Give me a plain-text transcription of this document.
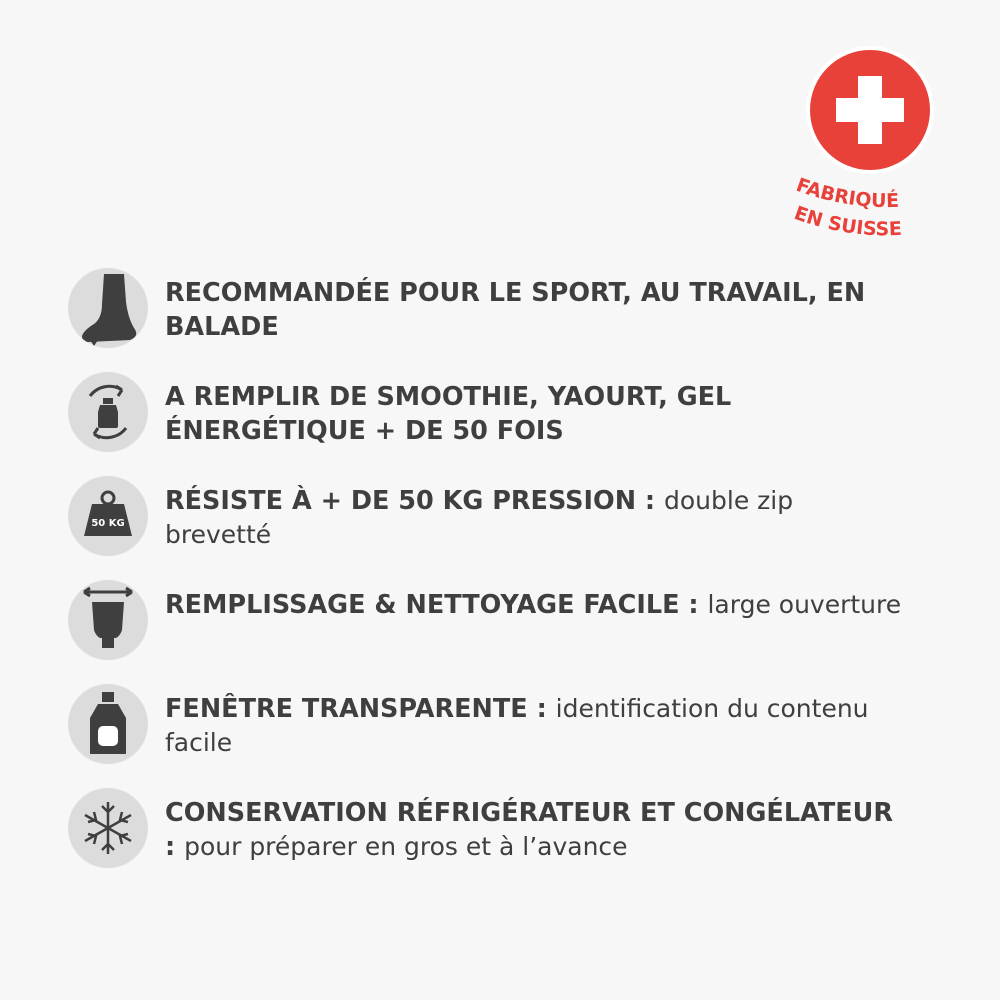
FABRIQUÉ
EN SUISSE
RECOMMANDÉE POUR LE SPORT, AU TRAVAIL, EN BALADE
A REMPLIR DE SMOOTHIE, YAOURT, GEL ÉNERGÉTIQUE + DE 50 FOIS
50 KG
RÉSISTE À + DE 50 KG PRESSION : double zip brevetté
REMPLISSAGE & NETTOYAGE FACILE : large ouverture
FENÊTRE TRANSPARENTE : identification du contenu facile
CONSERVATION RÉFRIGÉRATEUR ET CONGÉLATEUR : pour préparer en gros et à l’avance
